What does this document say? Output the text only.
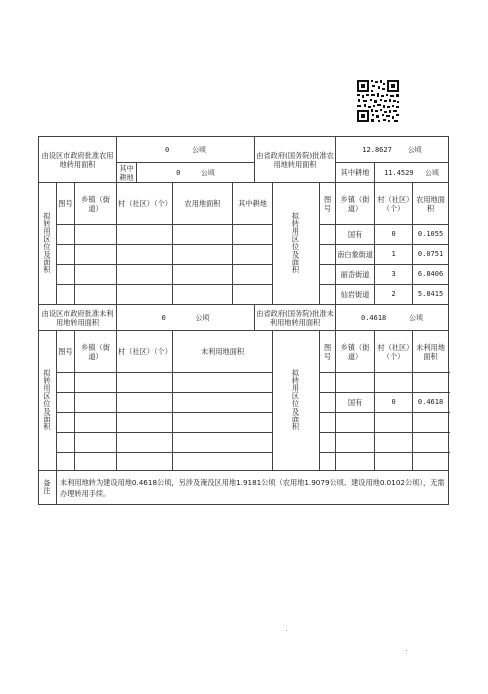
由设区市政府批准农用地转用面积			0 公顷				由省政府(国务院)批准农用地转用面积			12.8627 公顷			
			其中耕地	0 公顷						其中耕地	11.4529 公顷		
拟转用区位及面积	图号	乡镇（街道）	村（社区）（个）		农用地面积	其中耕地		拟转用区位及面积	图号	乡镇（街道）	村（社区）（个）	农用地面积	
										国有	0	0.1055	
										南白象街道	1	0.0751	
										丽岙街道	3	6.8406	
										仙岩街道	2	5.8415	
由设区市政府批准未利用地转用面积			0 公顷				由省政府(国务院)批准未利用地转用面积			0.4618 公顷			
拟转用区位及面积	图号	乡镇（街道）	村（社区）（个）		未利用地面积			拟转用区位及面积	图号	乡镇（街道）	村（社区）（个）	未利用地面积	

										国有	0	0.4618	

备注	未利用地转为建设用地0.4618公顷，另涉及淹没区用地1.9181公顷（农用地1.9079公顷、建设用地0.0102公顷），无需办理转用手续。												
